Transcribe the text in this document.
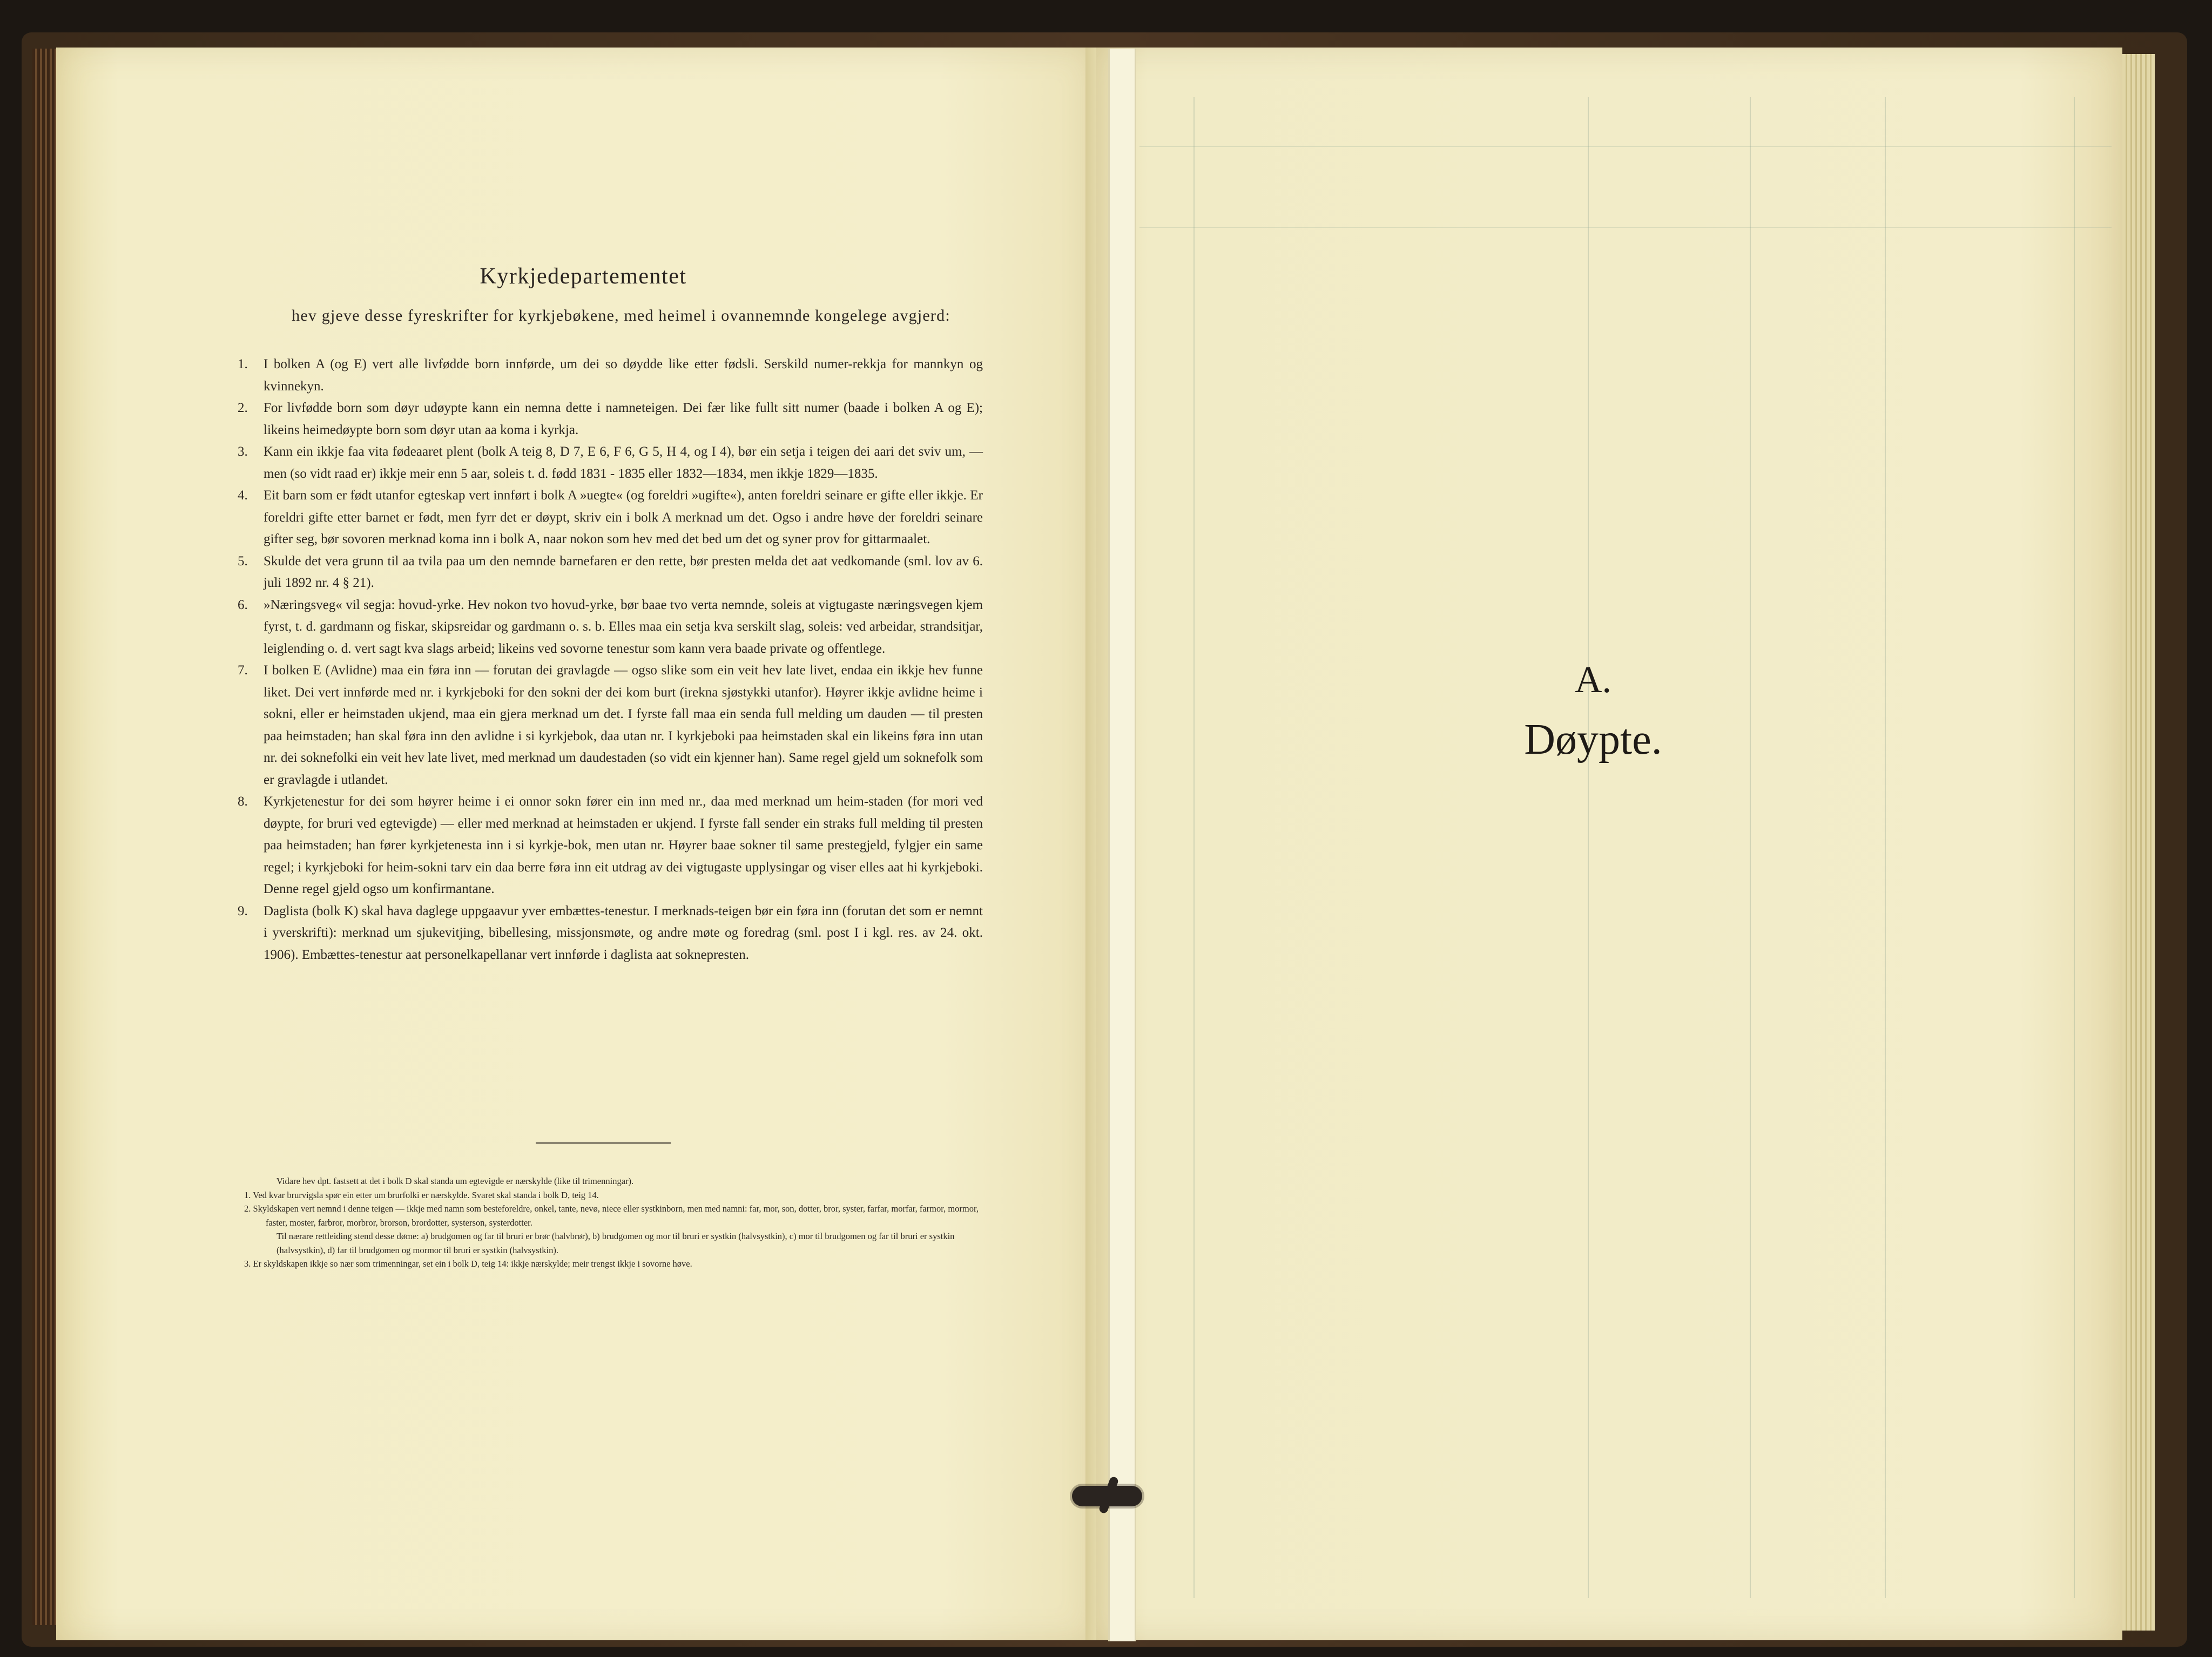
Kyrkjedepartementet
hev gjeve desse fyreskrifter for kyrkjebøkene, med heimel i ovannemnde kongelege avgjerd:
1. I bolken A (og E) vert alle livfødde born innførde, um dei so døydde like etter fødsli. Serskild numer-rekkja for mannkyn og kvinnekyn.
2. For livfødde born som døyr udøypte kann ein nemna dette i namneteigen. Dei fær like fullt sitt numer (baade i bolken A og E); likeins heimedøypte born som døyr utan aa koma i kyrkja.
3. Kann ein ikkje faa vita fødeaaret plent (bolk A teig 8, D 7, E 6, F 6, G 5, H 4, og I 4), bør ein setja i teigen dei aari det sviv um, — men (so vidt raad er) ikkje meir enn 5 aar, soleis t. d. fødd 1831 - 1835 eller 1832—1834, men ikkje 1829—1835.
4. Eit barn som er født utanfor egteskap vert innført i bolk A »uegte« (og foreldri »ugifte«), anten foreldri seinare er gifte eller ikkje. Er foreldri gifte etter barnet er født, men fyrr det er døypt, skriv ein i bolk A merknad um det. Ogso i andre høve der foreldri seinare gifter seg, bør sovoren merknad koma inn i bolk A, naar nokon som hev med det bed um det og syner prov for gittarmaalet.
5. Skulde det vera grunn til aa tvila paa um den nemnde barnefaren er den rette, bør presten melda det aat vedkomande (sml. lov av 6. juli 1892 nr. 4 § 21).
6. »Næringsveg« vil segja: hovud-yrke. Hev nokon tvo hovud-yrke, bør baae tvo verta nemnde, soleis at vigtugaste næringsvegen kjem fyrst, t. d. gardmann og fiskar, skipsreidar og gardmann o. s. b. Elles maa ein setja kva serskilt slag, soleis: ved arbeidar, strandsitjar, leiglending o. d. vert sagt kva slags arbeid; likeins ved sovorne tenestur som kann vera baade private og offentlege.
7. I bolken E (Avlidne) maa ein føra inn — forutan dei gravlagde — ogso slike som ein veit hev late livet, endaa ein ikkje hev funne liket. Dei vert innførde med nr. i kyrkjeboki for den sokni der dei kom burt (irekna sjøstykki utanfor). Høyrer ikkje avlidne heime i sokni, eller er heimstaden ukjend, maa ein gjera merknad um det. I fyrste fall maa ein senda full melding um dauden — til presten paa heimstaden; han skal føra inn den avlidne i si kyrkjebok, daa utan nr. I kyrkjeboki paa heimstaden skal ein likeins føra inn utan nr. dei soknefolki ein veit hev late livet, med merknad um daudestaden (so vidt ein kjenner han). Same regel gjeld um soknefolk som er gravlagde i utlandet.
8. Kyrkjetenestur for dei som høyrer heime i ei onnor sokn fører ein inn med nr., daa med merknad um heim-staden (for mori ved døypte, for bruri ved egtevigde) — eller med merknad at heimstaden er ukjend. I fyrste fall sender ein straks full melding til presten paa heimstaden; han fører kyrkjetenesta inn i si kyrkje-bok, men utan nr. Høyrer baae sokner til same prestegjeld, fylgjer ein same regel; i kyrkjeboki for heim-sokni tarv ein daa berre føra inn eit utdrag av dei vigtugaste upplysingar og viser elles aat hi kyrkjeboki. Denne regel gjeld ogso um konfirmantane.
9. Daglista (bolk K) skal hava daglege uppgaavur yver embættes-tenestur. I merknads-teigen bør ein føra inn (forutan det som er nemnt i yverskrifti): merknad um sjukevitjing, bibellesing, missjonsmøte, og andre møte og foredrag (sml. post I i kgl. res. av 24. okt. 1906). Embættes-tenestur aat personelkapellanar vert innførde i daglista aat soknepresten.

Vidare hev dpt. fastsett at det i bolk D skal standa um egtevigde er nærskylde (like til trimenningar).

1. Ved kvar brurvigsla spør ein etter um brurfolki er nærskylde. Svaret skal standa i bolk D, teig 14.

2. Skyldskapen vert nemnd i denne teigen — ikkje med namn som besteforeldre, onkel, tante, nevø, niece eller systkinborn, men med namni: far, mor, son, dotter, bror, syster, farfar, morfar, farmor, mormor, faster, moster, farbror, morbror, brorson, brordotter, systerson, systerdotter.

Til nærare rettleiding stend desse døme: a) brudgomen og far til bruri er brør (halvbrør), b) brudgomen og mor til bruri er systkin (halvsystkin), c) mor til brudgomen og far til bruri er systkin (halvsystkin), d) far til brudgomen og mormor til bruri er systkin (halvsystkin).

3. Er skyldskapen ikkje so nær som trimenningar, set ein i bolk D, teig 14: ikkje nærskylde; meir trengst ikkje i sovorne høve.

A.
Døypte.
